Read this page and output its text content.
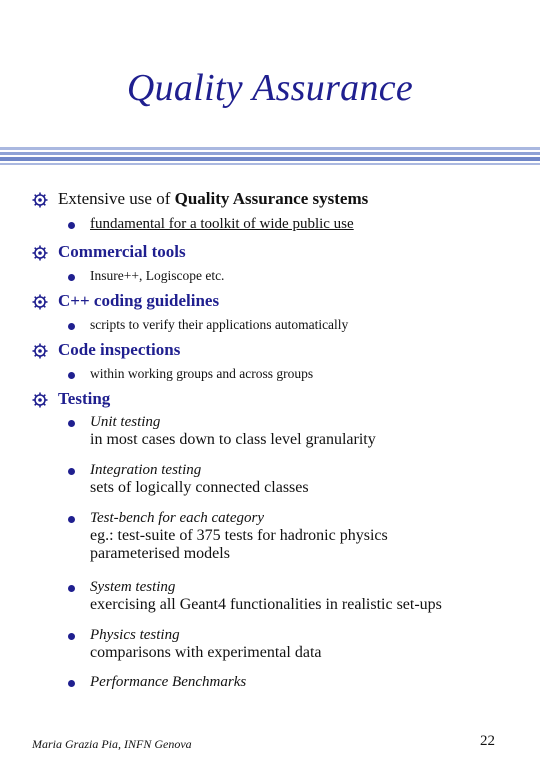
Quality Assurance
Extensive use of Quality Assurance systems
fundamental for a toolkit of wide public use
Commercial tools
Insure++, Logiscope etc.
C++ coding guidelines
scripts to verify their applications automatically
Code inspections
within working groups and across groups
Testing
Unit testing
in most cases down to class level granularity
Integration testing
sets of logically connected classes
Test-bench for each category
eg.: test-suite of 375 tests for hadronic physics
parameterised models
System testing
exercising all Geant4 functionalities in realistic set-ups
Physics testing
comparisons with experimental data
Performance Benchmarks
Maria Grazia Pia, INFN Genova	22
